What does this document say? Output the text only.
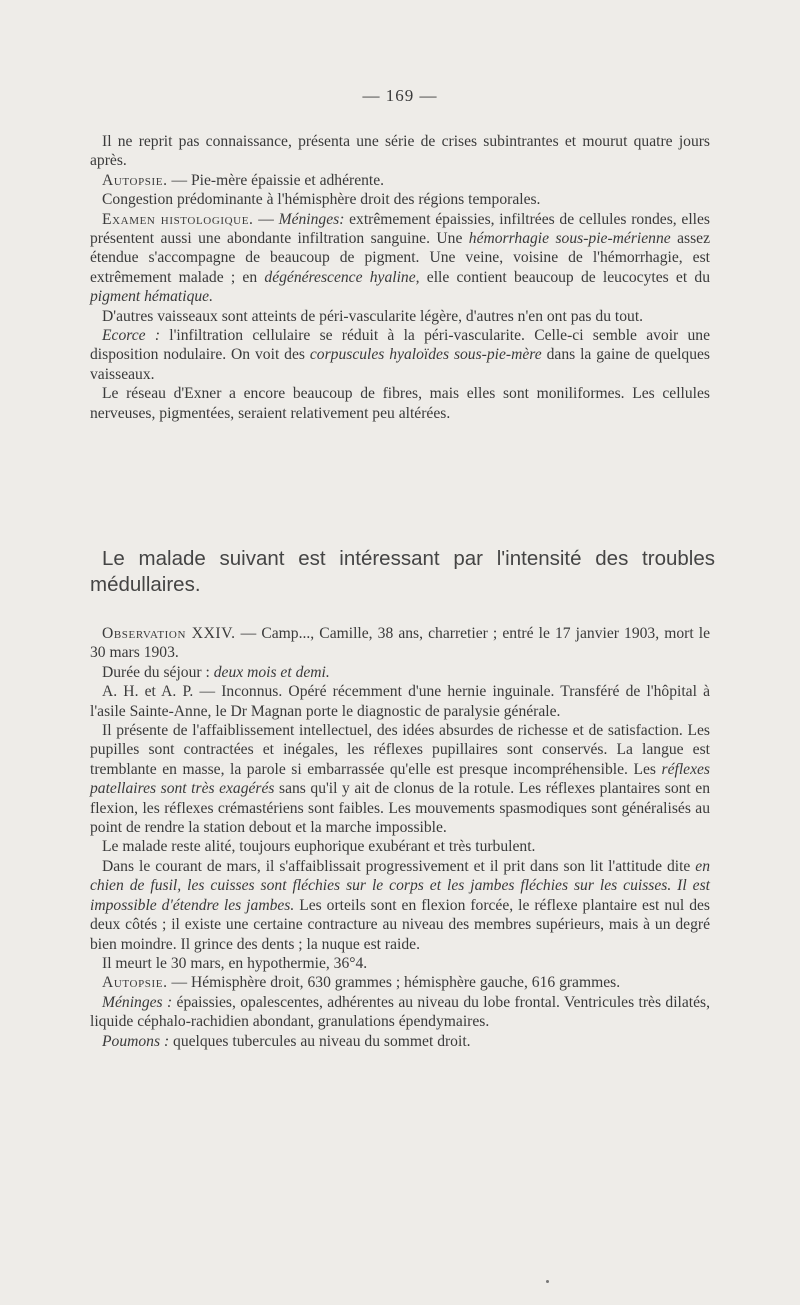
— 169 —

Il ne reprit pas connaissance, présenta une série de crises subintrantes et mourut quatre jours après.

Autopsie. — Pie-mère épaissie et adhérente.

Congestion prédominante à l'hémisphère droit des régions temporales.

Examen histologique. — Méninges: extrêmement épaissies, infiltrées de cellules rondes, elles présentent aussi une abondante infiltration sanguine. Une hémorrhagie sous-pie-mérienne assez étendue s'accompagne de beaucoup de pigment. Une veine, voisine de l'hémorrhagie, est extrêmement malade ; en dégénérescence hyaline, elle contient beaucoup de leucocytes et du pigment hématique.

D'autres vaisseaux sont atteints de péri-vascularite légère, d'autres n'en ont pas du tout.

Ecorce : l'infiltration cellulaire se réduit à la péri-vascularite. Celle-ci semble avoir une disposition nodulaire. On voit des corpuscules hyaloïdes sous-pie-mère dans la gaine de quelques vaisseaux.

Le réseau d'Exner a encore beaucoup de fibres, mais elles sont moniliformes. Les cellules nerveuses, pigmentées, seraient relativement peu altérées.

Le malade suivant est intéressant par l'intensité des troubles médullaires.

Observation XXIV. — Camp..., Camille, 38 ans, charretier ; entré le 17 janvier 1903, mort le 30 mars 1903.

Durée du séjour : deux mois et demi.

A. H. et A. P. — Inconnus. Opéré récemment d'une hernie inguinale. Transféré de l'hôpital à l'asile Sainte-Anne, le Dr Magnan porte le diagnostic de paralysie générale.

Il présente de l'affaiblissement intellectuel, des idées absurdes de richesse et de satisfaction. Les pupilles sont contractées et inégales, les réflexes pupillaires sont conservés. La langue est tremblante en masse, la parole si embarrassée qu'elle est presque incompréhensible. Les réflexes patellaires sont très exagérés sans qu'il y ait de clonus de la rotule. Les réflexes plantaires sont en flexion, les réflexes crémastériens sont faibles. Les mouvements spasmodiques sont généralisés au point de rendre la station debout et la marche impossible.

Le malade reste alité, toujours euphorique exubérant et très turbulent.

Dans le courant de mars, il s'affaiblissait progressivement et il prit dans son lit l'attitude dite en chien de fusil, les cuisses sont fléchies sur le corps et les jambes fléchies sur les cuisses. Il est impossible d'étendre les jambes. Les orteils sont en flexion forcée, le réflexe plantaire est nul des deux côtés ; il existe une certaine contracture au niveau des membres supérieurs, mais à un degré bien moindre. Il grince des dents ; la nuque est raide.

Il meurt le 30 mars, en hypothermie, 36°4.

Autopsie. — Hémisphère droit, 630 grammes ; hémisphère gauche, 616 grammes.

Méninges : épaissies, opalescentes, adhérentes au niveau du lobe frontal. Ventricules très dilatés, liquide céphalo-rachidien abondant, granulations épendymaires.

Poumons : quelques tubercules au niveau du sommet droit.
